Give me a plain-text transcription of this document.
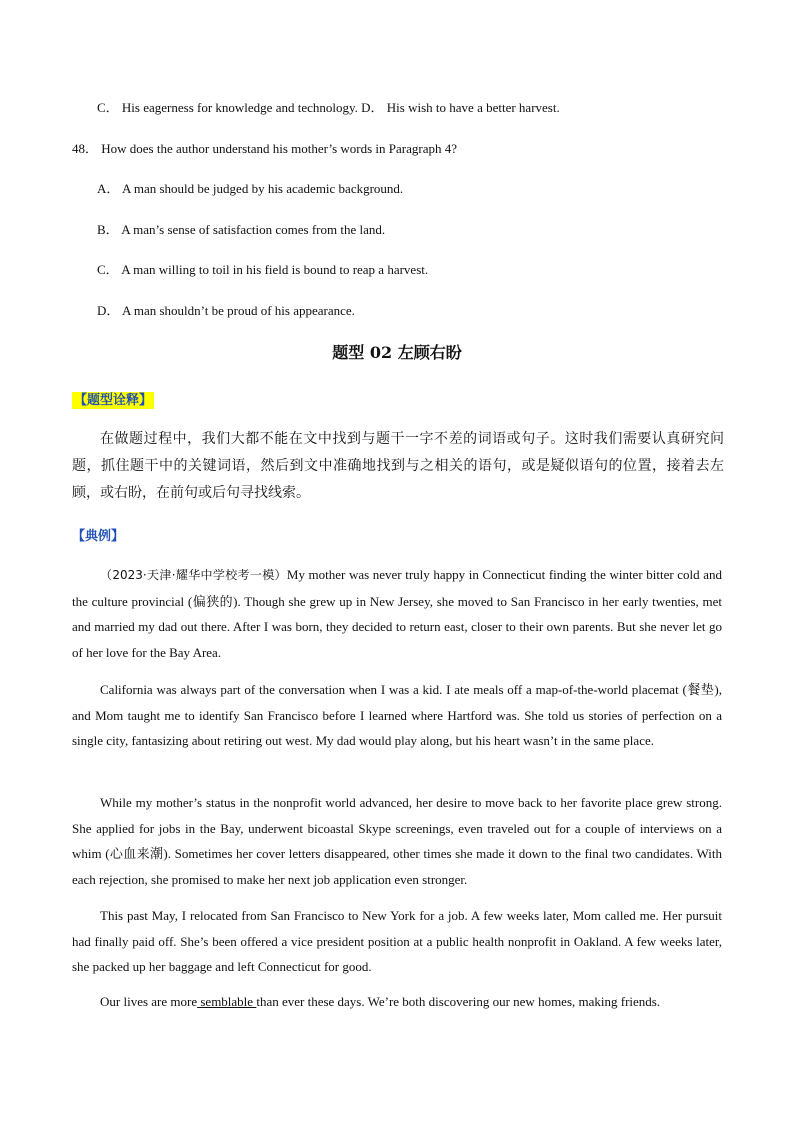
C． His eagerness for knowledge and technology. D． His wish to have a better harvest.
48． How does the author understand his mother’s words in Paragraph 4?
A． A man should be judged by his academic background.
B． A man’s sense of satisfaction comes from the land.
C． A man willing to toil in his field is bound to reap a harvest.
D． A man shouldn’t be proud of his appearance.
题型 02 左顾右盼
【题型诠释】

在做题过程中，我们大都不能在文中找到与题干一字不差的词语或句子。这时我们需要认真研究问题，抓住题干中的关键词语，然后到文中准确地找到与之相关的语句，或是疑似语句的位置，接着去左顾，或右盼，在前句或后句寻找线索。

【典例】

（2023·天津·耀华中学校考一模）My mother was never truly happy in Connecticut finding the winter bitter cold and the culture provincial (偏狭的). Though she grew up in New Jersey, she moved to San Francisco in her early twenties, met and married my dad out there. After I was born, they decided to return east, closer to their own parents. But she never let go of her love for the Bay Area.

California was always part of the conversation when I was a kid. I ate meals off a map-of-the-world placemat (餐垫), and Mom taught me to identify San Francisco before I learned where Hartford was. She told us stories of perfection on a single city, fantasizing about retiring out west. My dad would play along, but his heart wasn’t in the same place.

While my mother’s status in the nonprofit world advanced, her desire to move back to her favorite place grew strong. She applied for jobs in the Bay, underwent bicoastal Skype screenings, even traveled out for a couple of interviews on a whim (心血来潮). Sometimes her cover letters disappeared, other times she made it down to the final two candidates. With each rejection, she promised to make her next job application even stronger.

This past May, I relocated from San Francisco to New York for a job. A few weeks later, Mom called me. Her pursuit had finally paid off. She’s been offered a vice president position at a public health nonprofit in Oakland. A few weeks later, she packed up her baggage and left Connecticut for good.

Our lives are more semblable than ever these days. We’re both discovering our new homes, making friends.
